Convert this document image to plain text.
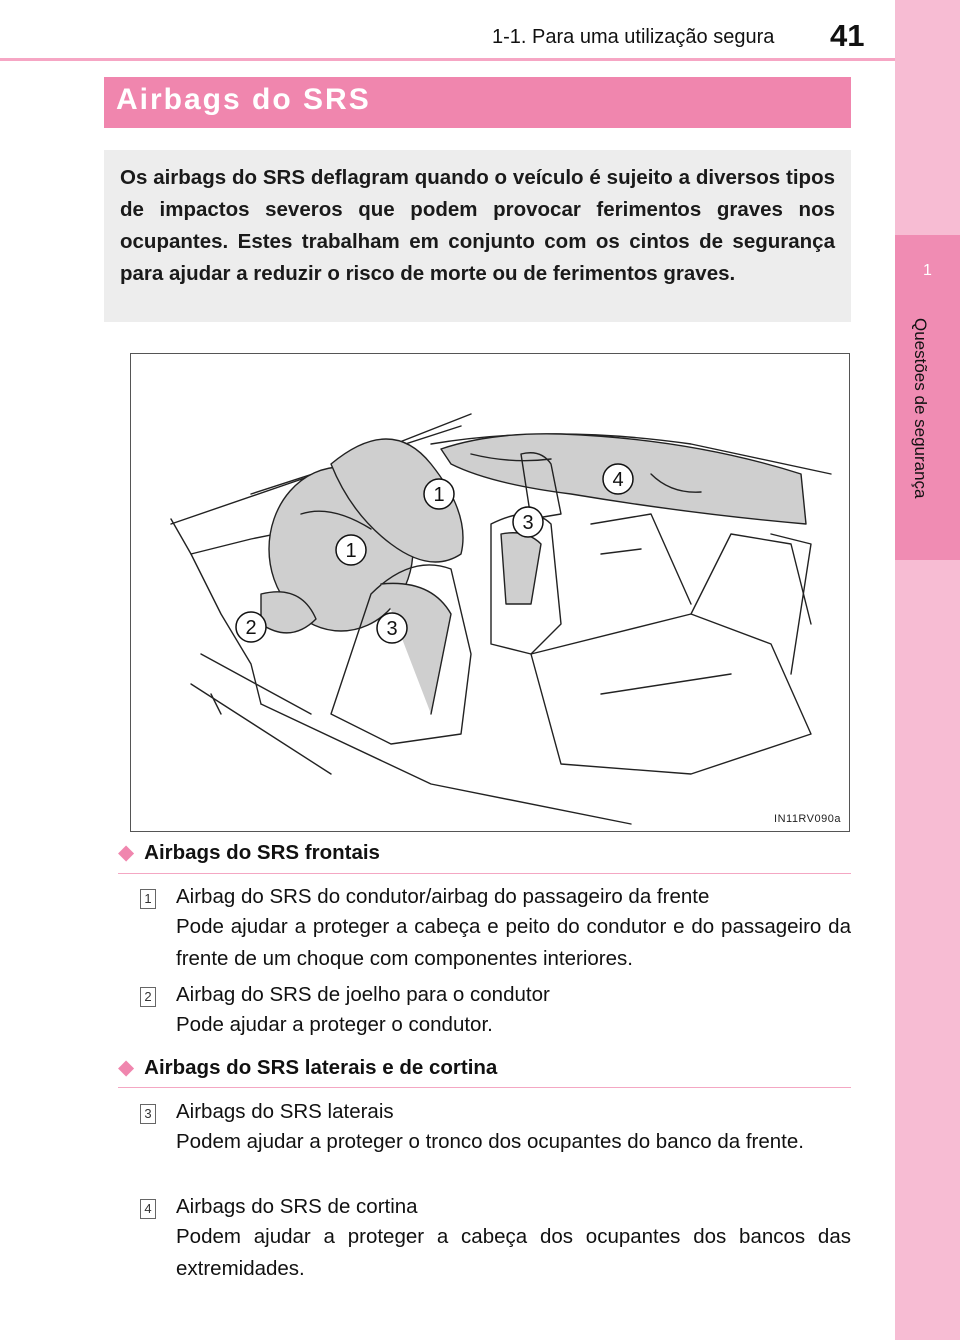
1-1. Para uma utilização segura 41
1
Questões de segurança
Airbags do SRS
Os airbags do SRS deflagram quando o veículo é sujeito a diversos tipos de impactos severos que podem provocar ferimentos graves nos ocupantes. Estes trabalham em conjunto com os cintos de segurança para ajudar a reduzir o risco de morte ou de ferimentos graves.
1
1
2
3
3
4
IN11RV090a
◆ Airbags do SRS frontais
1 Airbag do SRS do condutor/airbag do passageiro da frente
Pode ajudar a proteger a cabeça e peito do condutor e do passageiro da frente de um choque com componentes interiores.
2 Airbag do SRS de joelho para o condutor
Pode ajudar a proteger o condutor.
◆ Airbags do SRS laterais e de cortina
3 Airbags do SRS laterais
Podem ajudar a proteger o tronco dos ocupantes do banco da frente.
4 Airbags do SRS de cortina
Podem ajudar a proteger a cabeça dos ocupantes dos bancos das extremidades.
